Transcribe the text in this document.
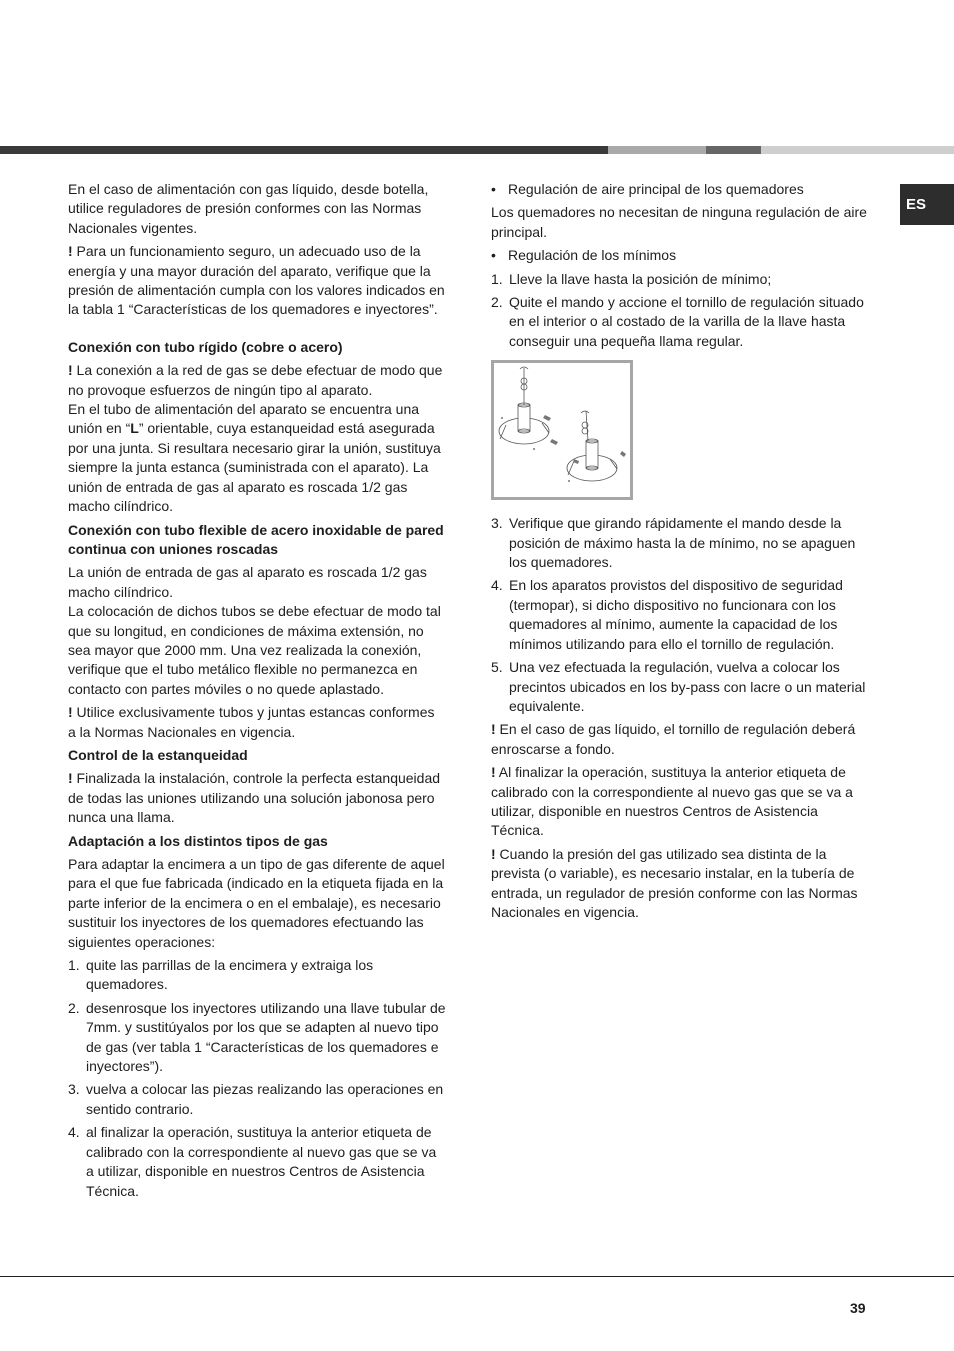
ES

En el caso de alimentación con gas líquido, desde botella, utilice reguladores de presión conformes con las Normas Nacionales vigentes.

! Para un funcionamiento seguro, un adecuado uso de la energía y una mayor duración del aparato, verifique que la presión de alimentación cumpla con los valores indicados en la tabla 1 “Características de los quemadores e inyectores”.

Conexión con tubo rígido (cobre o acero)

! La conexión a la red de gas se debe efectuar de modo que no provoque esfuerzos de ningún tipo al aparato.
En el tubo de alimentación del aparato se encuentra una unión en “L” orientable, cuya estanqueidad está asegurada por una junta. Si resultara necesario girar la unión, sustituya siempre la junta estanca (suministrada con el aparato). La unión de entrada de gas al aparato es roscada 1/2 gas macho cilíndrico.

Conexión con tubo flexible de acero inoxidable de pared continua con uniones roscadas

La unión de entrada de gas al aparato es roscada 1/2 gas macho cilíndrico.
La colocación de dichos tubos se debe efectuar de modo tal que su longitud, en condiciones de máxima extensión, no sea mayor que 2000 mm. Una vez realizada la conexión, verifique que el tubo metálico flexible no permanezca en contacto con partes móviles o no quede aplastado.

! Utilice exclusivamente tubos y juntas estancas conformes a la Normas Nacionales en vigencia.

Control de la estanqueidad

! Finalizada la instalación, controle la perfecta estanqueidad de todas las uniones utilizando una solución jabonosa pero nunca una llama.

Adaptación a los distintos tipos de gas

Para adaptar la encimera a un tipo de gas diferente de aquel para el que fue fabricada (indicado en la etiqueta fijada en la parte inferior de la encimera o en el embalaje), es necesario sustituir los inyectores de los quemadores efectuando las siguientes operaciones:

1. quite las parrillas de la encimera y extraiga los quemadores.
2. desenrosque los inyectores utilizando una llave tubular de 7mm. y sustitúyalos por los que se adapten al nuevo tipo de gas (ver tabla 1 “Características de los quemadores e inyectores”).
3. vuelva a colocar las piezas realizando las operaciones en sentido contrario.
4. al finalizar la operación, sustituya la anterior etiqueta de calibrado con la correspondiente al nuevo gas que se va a utilizar, disponible en nuestros Centros de Asistencia Técnica.
• Regulación de aire principal de los quemadores

Los quemadores no necesitan de ninguna regulación de aire principal.

• Regulación de los mínimos
1. Lleve la llave hasta la posición de mínimo;
2. Quite el mando y accione el tornillo de regulación situado en el interior o al costado de la varilla de la llave hasta conseguir una pequeña llama regular.
3. Verifique que girando rápidamente el mando desde la posición de máximo hasta la de mínimo, no se apaguen los quemadores.
4. En los aparatos provistos del dispositivo de seguridad (termopar), si dicho dispositivo no funcionara con los quemadores al mínimo, aumente la capacidad de los mínimos utilizando para ello el tornillo de regulación.
5. Una vez efectuada la regulación, vuelva a colocar los precintos ubicados en los by-pass con lacre o un material equivalente.

! En el caso de gas líquido, el tornillo de regulación deberá enroscarse a fondo.

! Al finalizar la operación, sustituya la anterior etiqueta de calibrado con la correspondiente al nuevo gas que se va a utilizar, disponible en nuestros Centros de Asistencia Técnica.

! Cuando la presión del gas utilizado sea distinta de la prevista (o variable), es necesario instalar, en la tubería de entrada, un regulador de presión conforme con las Normas Nacionales en vigencia.

39
